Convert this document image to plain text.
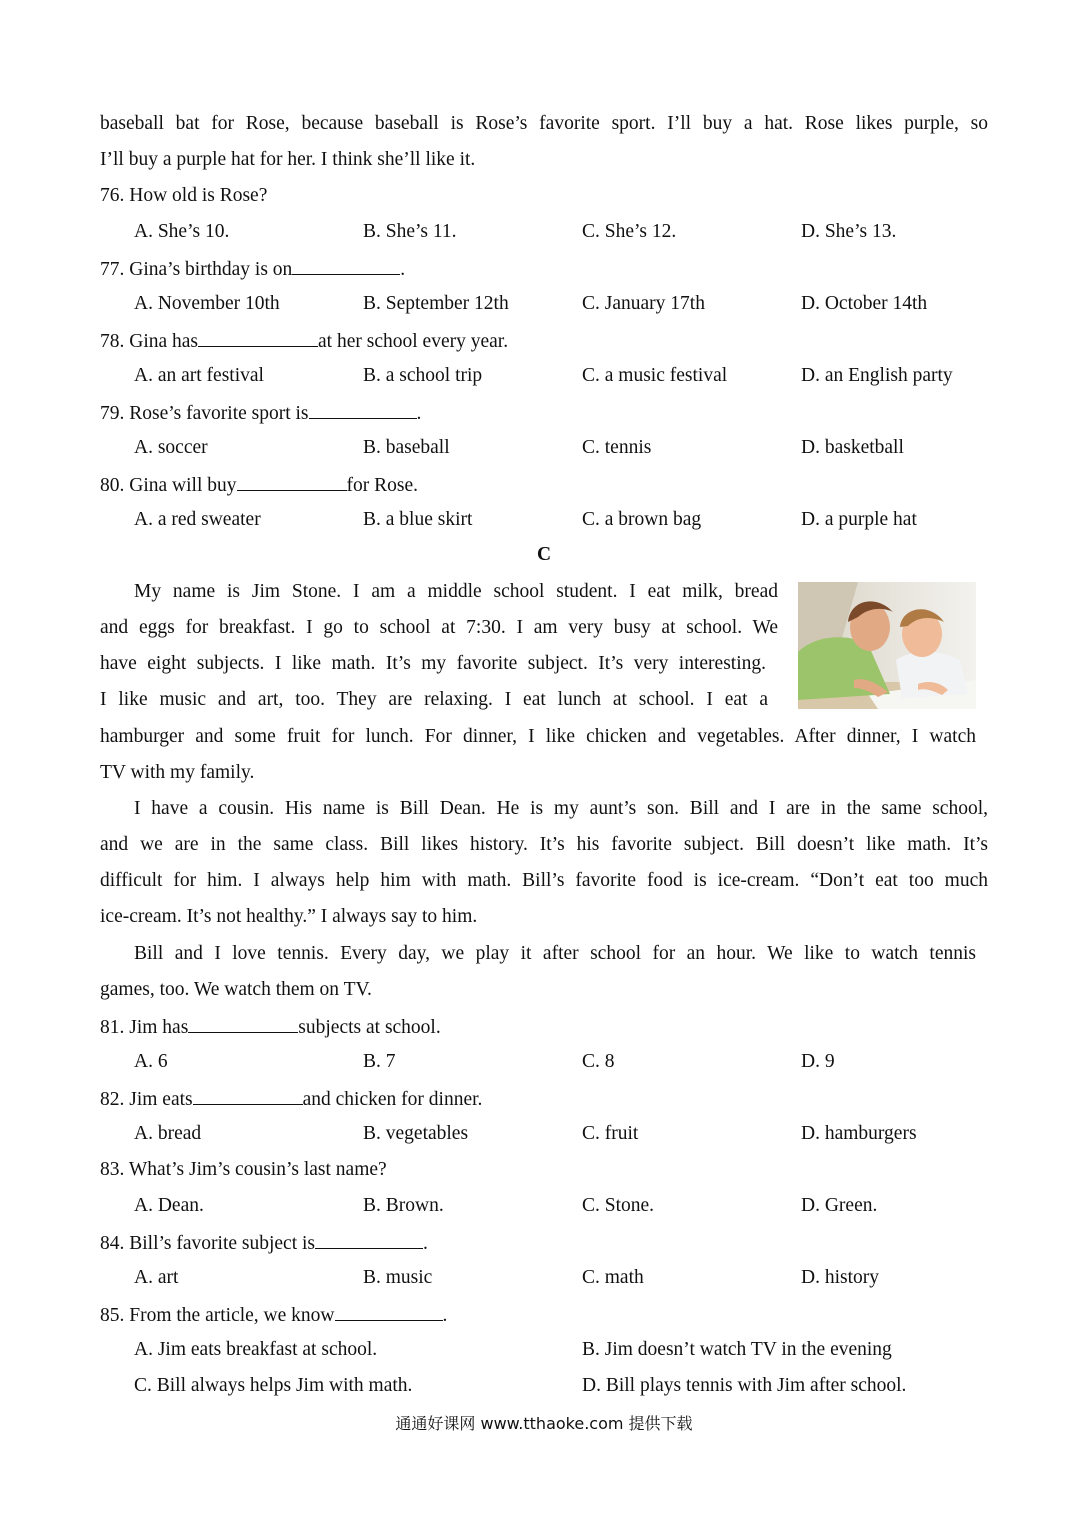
baseball bat for Rose, because baseball is Rose’s favorite sport. I’ll buy a hat. Rose likes purple, so
I’ll buy a purple hat for her. I think she’ll like it.
76. How old is Rose?
A. She’s 10.	B. She’s 11.	C. She’s 12.	D. She’s 13.
77. Gina’s birthday is on	.
A. November 10th	B. September 12th	C. January 17th	D. October 14th
78. Gina has	at her school every year.
A. an art festival	B. a school trip	C. a music festival	D. an English party
79. Rose’s favorite sport is	.
A. soccer	B. baseball	C. tennis	D. basketball
80. Gina will buy	for Rose.
A. a red sweater	B. a blue skirt	C. a brown bag	D. a purple hat
C
My name is Jim Stone. I am a middle school student. I eat milk, bread
and eggs for breakfast. I go to school at 7:30. I am very busy at school. We
have eight subjects. I like math. It’s my favorite subject. It’s very interesting.
I like music and art, too. They are relaxing. I eat lunch at school. I eat a
hamburger and some fruit for lunch. For dinner, I like chicken and vegetables. After dinner, I watch
TV with my family.
I have a cousin. His name is Bill Dean. He is my aunt’s son. Bill and I are in the same school,
and we are in the same class. Bill likes history. It’s his favorite subject. Bill doesn’t like math. It’s
difficult for him. I always help him with math. Bill’s favorite food is ice-cream. “Don’t eat too much
ice-cream. It’s not healthy.” I always say to him.
Bill and I love tennis. Every day, we play it after school for an hour. We like to watch tennis
games, too. We watch them on TV.
81. Jim has	subjects at school.
A. 6	B. 7	C. 8	D. 9
82. Jim eats	and chicken for dinner.
A. bread	B. vegetables	C. fruit	D. hamburgers
83. What’s Jim’s cousin’s last name?
A. Dean.	B. Brown.	C. Stone.	D. Green.
84. Bill’s favorite subject is	.
A. art	B. music	C. math	D. history
85. From the article, we know	.
A. Jim eats breakfast at school.	B. Jim doesn’t watch TV in the evening
C. Bill always helps Jim with math.	D. Bill plays tennis with Jim after school.
通通好课网 www.tthaoke.com 提供下载
